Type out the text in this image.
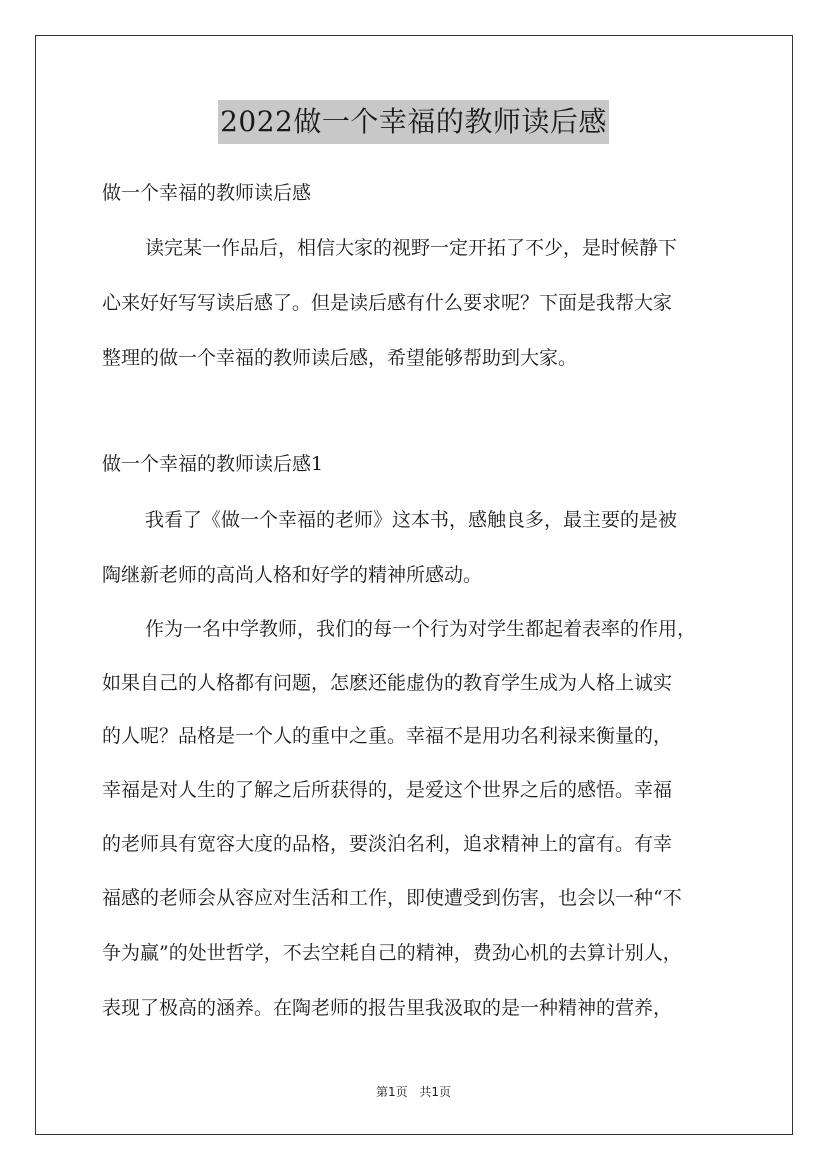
2022做一个幸福的教师读后感
做一个幸福的教师读后感
读完某一作品后，相信大家的视野一定开拓了不少，是时候静下
心来好好写写读后感了。但是读后感有什么要求呢？下面是我帮大家
整理的做一个幸福的教师读后感，希望能够帮助到大家。
做一个幸福的教师读后感1
我看了《做一个幸福的老师》这本书，感触良多，最主要的是被
陶继新老师的高尚人格和好学的精神所感动。
作为一名中学教师，我们的每一个行为对学生都起着表率的作用，
如果自己的人格都有问题，怎麽还能虚伪的教育学生成为人格上诚实
的人呢？品格是一个人的重中之重。幸福不是用功名利禄来衡量的，
幸福是对人生的了解之后所获得的，是爱这个世界之后的感悟。幸福
的老师具有宽容大度的品格，要淡泊名利，追求精神上的富有。有幸
福感的老师会从容应对生活和工作，即使遭受到伤害，也会以一种“不
争为赢”的处世哲学，不去空耗自己的精神，费劲心机的去算计别人，
表现了极高的涵养。在陶老师的报告里我汲取的是一种精神的营养，
第1页 共1页
